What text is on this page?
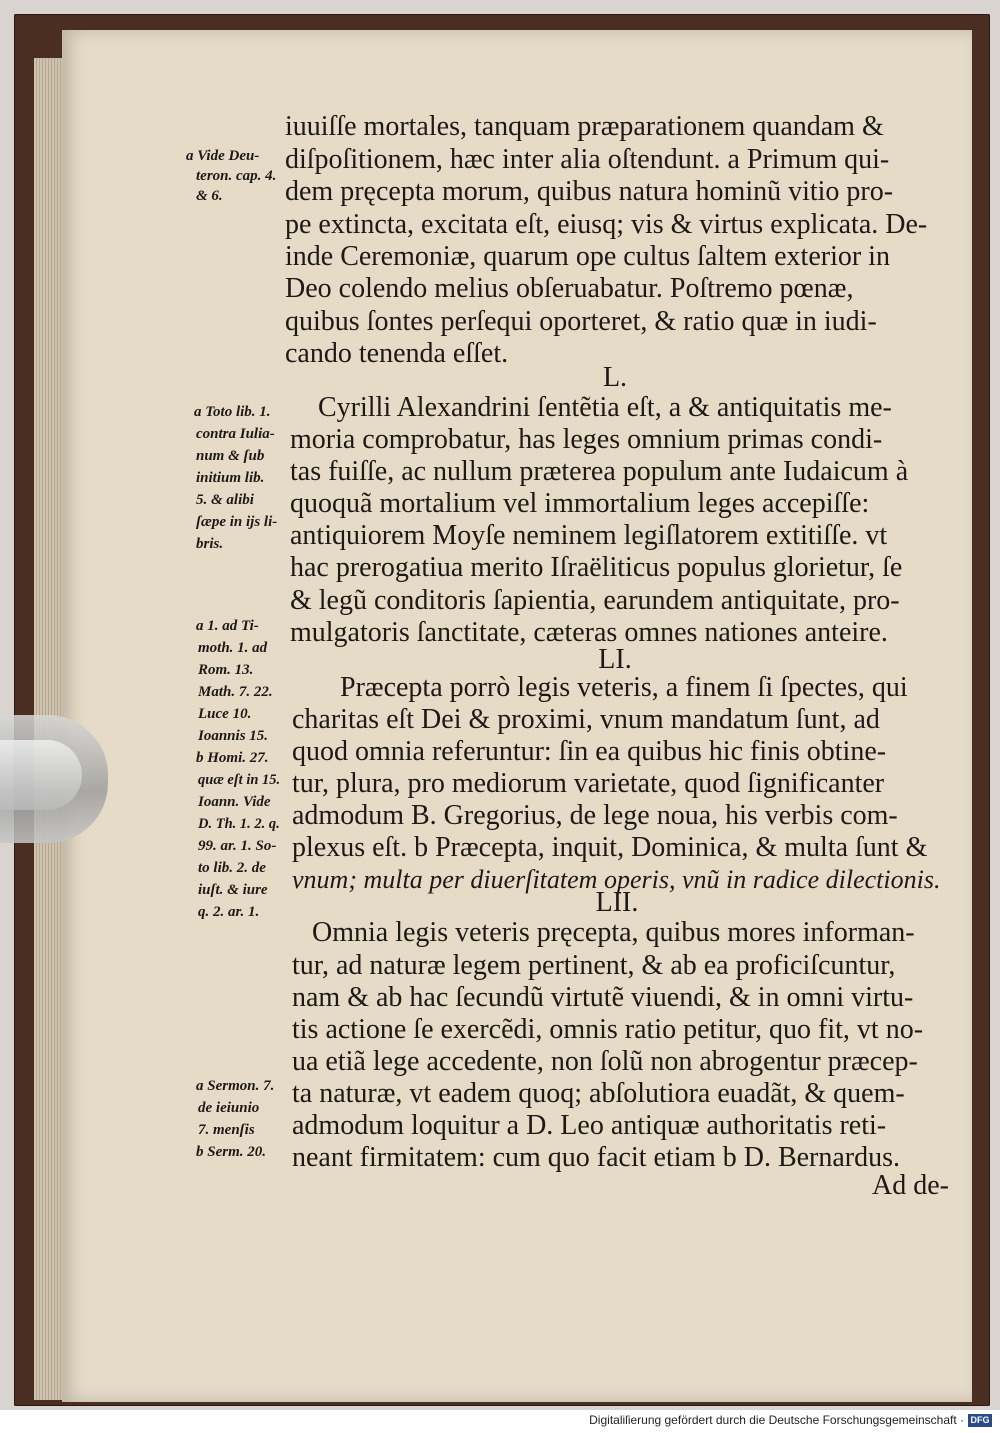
iuuiſſe mortales, tanquam præparationem quandam &
diſpoſitionem, hæc inter alia oſtendunt. a Primum qui-
dem pręcepta morum, quibus natura hominũ vitio pro-
pe extincta, excitata eſt, eiusq; vis & virtus explicata. De-
inde Ceremoniæ, quarum ope cultus ſaltem exterior in
Deo colendo melius obſeruabatur. Poſtremo pœnæ,
quibus ſontes perſequi oporteret, & ratio quæ in iudi-
cando tenenda eſſet.
L.
Cyrilli Alexandrini ſentẽtia eſt, a & antiquitatis me-
moria comprobatur, has leges omnium primas condi-
tas fuiſſe, ac nullum præterea populum ante Iudaicum à
quoquã mortalium vel immortalium leges accepiſſe:
antiquiorem Moyſe neminem legiſlatorem extitiſſe. vt
hac prerogatiua merito Iſraëliticus populus glorietur, ſe
& legũ conditoris ſapientia, earundem antiquitate, pro-
mulgatoris ſanctitate, cæteras omnes nationes anteire.
LI.
Præcepta porrò legis veteris, a finem ſi ſpectes, qui
charitas eſt Dei & proximi, vnum mandatum ſunt, ad
quod omnia referuntur: ſin ea quibus hic finis obtine-
tur, plura, pro mediorum varietate, quod ſignificanter
admodum B. Gregorius, de lege noua, his verbis com-
plexus eſt. b Præcepta, inquit, Dominica, & multa ſunt &
vnum; multa per diuerſitatem operis, vnũ in radice dilectionis.
LII.
Omnia legis veteris pręcepta, quibus mores informan-
tur, ad naturæ legem pertinent, & ab ea proficiſcuntur,
nam & ab hac ſecundũ virtutẽ viuendi, & in omni virtu-
tis actione ſe exercẽdi, omnis ratio petitur, quo fit, vt no-
ua etiã lege accedente, non ſolũ non abrogentur præcep-
ta naturæ, vt eadem quoq; abſolutiora euadãt, & quem-
admodum loquitur a D. Leo antiquæ authoritatis reti-
neant firmitatem: cum quo facit etiam b D. Bernardus.
Ad de-
a Vide Deu-
teron. cap. 4.
& 6.
a Toto lib. 1.
contra Iulia-
num & ſub
initium lib.
5. & alibi
ſæpe in ijs li-
bris.
a 1. ad Ti-
moth. 1. ad
Rom. 13.
Math. 7. 22.
Luce 10.
Ioannis 15.
b Homi. 27.
quæ eſt in 15.
Ioann. Vide
D. Th. 1. 2. q.
99. ar. 1. So-
to lib. 2. de
iuſt. & iure
q. 2. ar. 1.
a Sermon. 7.
de ieiunio
7. menſis
b Serm. 20.
Digitaliſierung gefördert durch die Deutsche Forschungsgemeinschaft · DFG
